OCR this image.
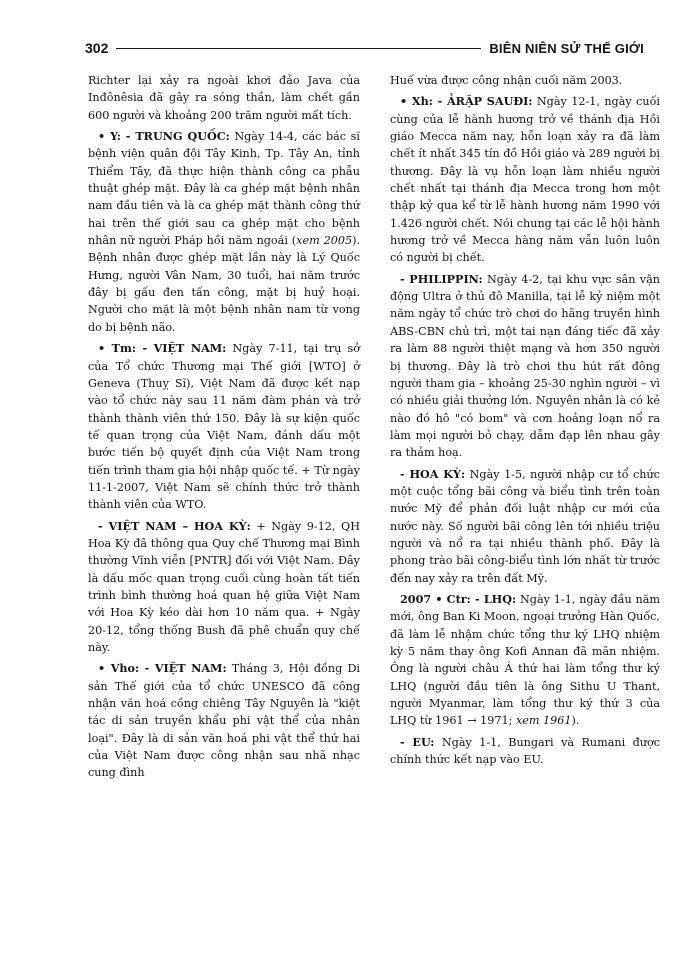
302	BIÊN NIÊN SỬ THẾ GIỚI

Richter lại xảy ra ngoài khơi đảo Java của Inđônêsia đã gây ra sóng thần, làm chết gần 600 người và khoảng 200 trăm người mất tích.

• Y: - TRUNG QUỐC: Ngày 14-4, các bác sĩ bệnh viện quân đội Tây Kinh, Tp. Tây An, tỉnh Thiểm Tây, đã thực hiện thành công ca phẫu thuật ghép mặt. Đây là ca ghép mặt bệnh nhân nam đầu tiên và là ca ghép mặt thành công thứ hai trên thế giới sau ca ghép mặt cho bệnh nhân nữ người Pháp hồi năm ngoái (xem 2005). Bệnh nhân được ghép mặt lần này là Lý Quốc Hưng, người Vân Nam, 30 tuổi, hai năm trước đây bị gấu đen tấn công, mặt bị huỷ hoại. Người cho mặt là một bệnh nhân nam từ vong do bị bệnh não.

• Tm: - VIỆT NAM: Ngày 7-11, tại trụ sở của Tổ chức Thương mại Thế giới [WTO] ở Geneva (Thuỵ Sĩ), Việt Nam đã được kết nạp vào tổ chức này sau 11 năm đàm phán và trở thành thành viên thứ 150. Đây là sự kiện quốc tế quan trọng của Việt Nam, đánh dấu một bước tiến bộ quyết định của Việt Nam trong tiến trình tham gia hội nhập quốc tế. + Từ ngày 11-1-2007, Việt Nam sẽ chính thức trở thành thành viên của WTO.

- VIỆT NAM – HOA KỲ: + Ngày 9-12, QH Hoa Kỳ đã thông qua Quy chế Thương mại Bình thường Vĩnh viễn [PNTR] đối với Việt Nam. Đây là dấu mốc quan trọng cuối cùng hoàn tất tiến trình bình thường hoá quan hệ giữa Việt Nam với Hoa Kỳ kéo dài hơn 10 năm qua. + Ngày 20-12, tổng thống Bush đã phê chuẩn quy chế này.

• Vho: - VIỆT NAM: Tháng 3, Hội đồng Di sản Thế giới của tổ chức UNESCO đã công nhận văn hoá cồng chiêng Tây Nguyên là "kiệt tác di sản truyền khẩu phi vật thể của nhân loại". Đây là di sản văn hoá phi vật thể thứ hai của Việt Nam được công nhận sau nhã nhạc cung đình

Huế vừa được công nhận cuối năm 2003.

• Xh: - ẢRẬP SAUĐI: Ngày 12-1, ngày cuối cùng của lễ hành hương trở về thánh địa Hồi giáo Mecca năm nay, hỗn loạn xảy ra đã làm chết ít nhất 345 tín đồ Hồi giáo và 289 người bị thương. Đây là vụ hỗn loạn làm nhiều người chết nhất tại thánh địa Mecca trong hơn một thập kỷ qua kể từ lễ hành hương năm 1990 với 1.426 người chết. Nói chung tại các lễ hội hành hương trở về Mecca hàng năm vẫn luôn luôn có người bị chết.

- PHILIPPIN: Ngày 4-2, tại khu vực sân vận động Ultra ở thủ đô Manilla, tại lễ kỷ niệm một năm ngày tổ chức trò chơi do hãng truyền hình ABS-CBN chủ trì, một tai nạn đáng tiếc đã xảy ra làm 88 người thiệt mạng và hơn 350 người bị thương. Đây là trò chơi thu hút rất đông người tham gia – khoảng 25-30 nghìn người – vì có nhiều giải thưởng lớn. Nguyên nhân là có kẻ nào đó hô "có bom" và cơn hoảng loạn nổ ra làm mọi người bỏ chạy, dẫm đạp lên nhau gây ra thảm hoạ.

- HOA KỲ: Ngày 1-5, người nhập cư tổ chức một cuộc tổng bãi công và biểu tình trên toàn nước Mỹ để phản đối luật nhập cư mới của nước này. Số người bãi công lên tới nhiều triệu người và nổ ra tại nhiều thành phố. Đây là phong trào bãi công-biểu tình lớn nhất từ trước đến nay xảy ra trên đất Mỹ.

2007 • Ctr: - LHQ: Ngày 1-1, ngày đầu năm mới, ông Ban Ki Moon, ngoại trưởng Hàn Quốc, đã làm lễ nhậm chức tổng thư ký LHQ nhiệm kỳ 5 năm thay ông Kofi Annan đã mãn nhiệm. Ông là người châu Á thứ hai làm tổng thư ký LHQ (người đầu tiên là ông Sithu U Thant, người Myanmar, làm tổng thư ký thứ 3 của LHQ từ 1961 → 1971; xem 1961).

- EU: Ngày 1-1, Bungari và Rumani được chính thức kết nạp vào EU.
